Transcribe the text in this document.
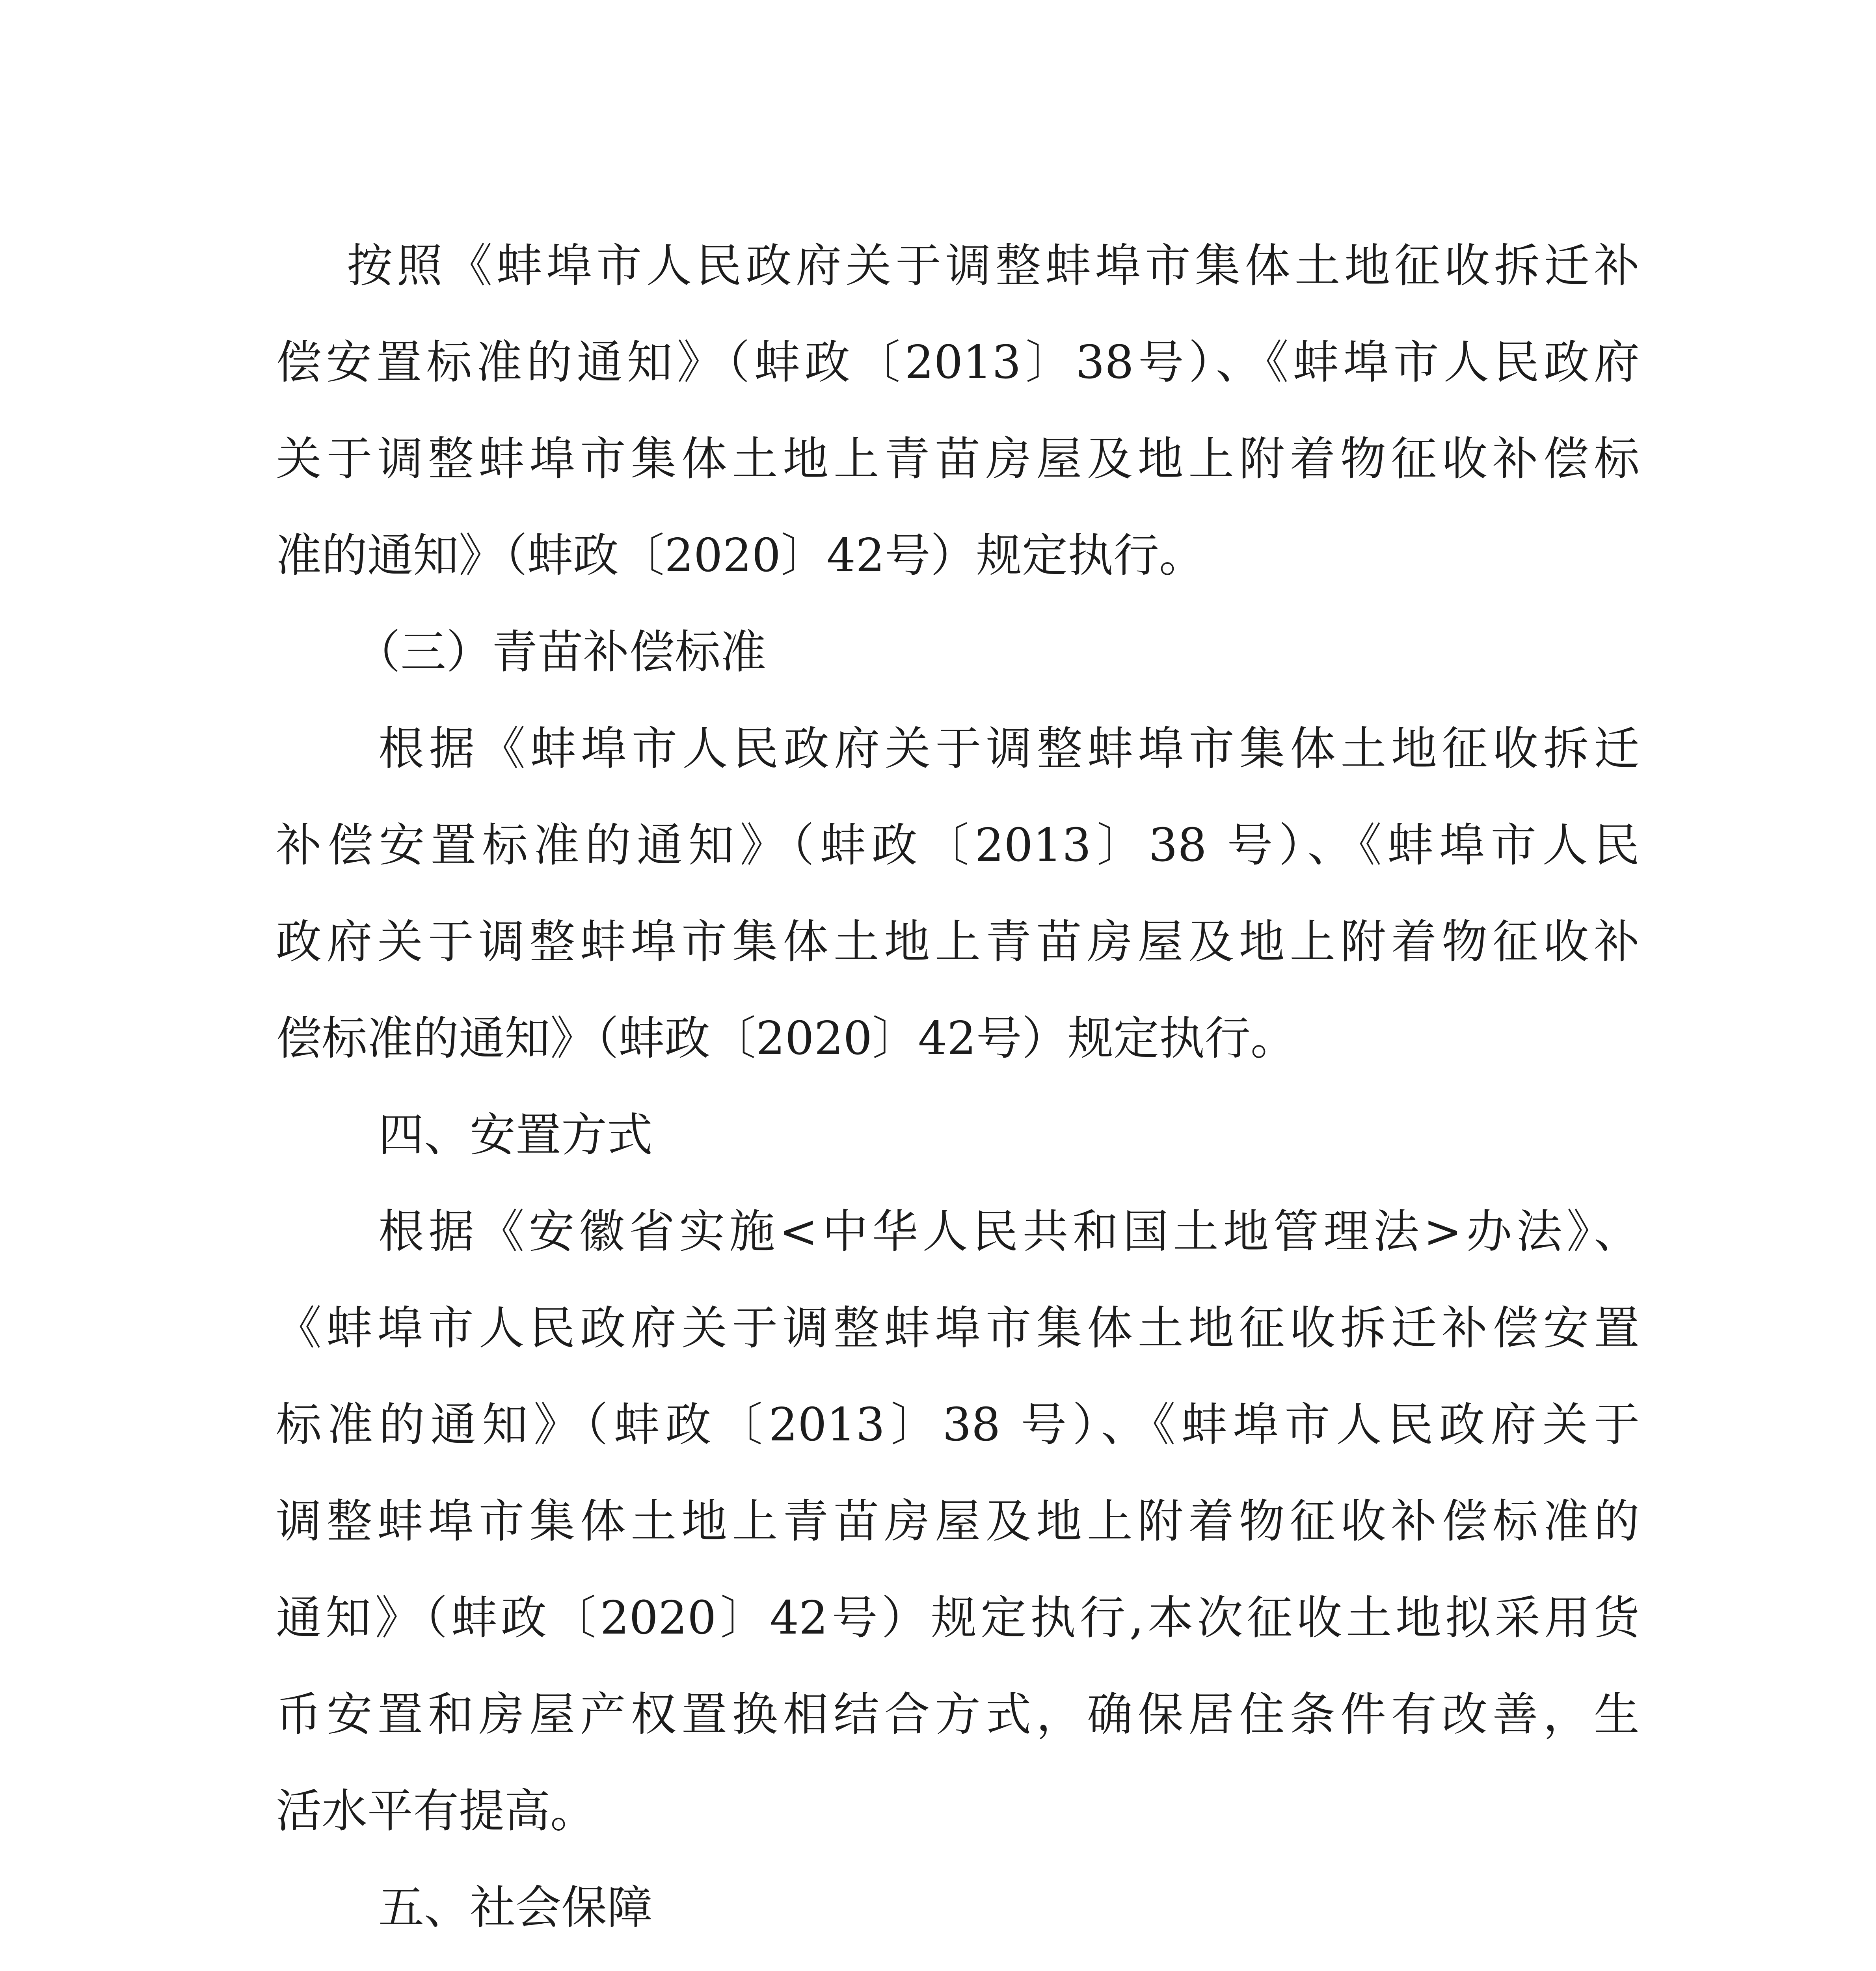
按照《蚌埠市人民政府关于调整蚌埠市集体土地征收拆迁补
偿安置标准的通知》（蚌政〔2013〕38号）、《蚌埠市人民政府
关于调整蚌埠市集体土地上青苗房屋及地上附着物征收补偿标
准的通知》（蚌政〔2020〕42号）规定执行。
（三）青苗补偿标准
根据《蚌埠市人民政府关于调整蚌埠市集体土地征收拆迁
补偿安置标准的通知》（蚌政〔2013〕38 号）、《蚌埠市人民
政府关于调整蚌埠市集体土地上青苗房屋及地上附着物征收补
偿标准的通知》（蚌政〔2020〕42号）规定执行。
四、安置方式
根据《安徽省实施<中华人民共和国土地管理法>办法》、
《蚌埠市人民政府关于调整蚌埠市集体土地征收拆迁补偿安置
标准的通知》（蚌政〔2013〕38 号）、《蚌埠市人民政府关于
调整蚌埠市集体土地上青苗房屋及地上附着物征收补偿标准的
通知》（蚌政〔2020〕42号）规定执行,本次征收土地拟采用货
币安置和房屋产权置换相结合方式，确保居住条件有改善，生
活水平有提高。
五、社会保障
